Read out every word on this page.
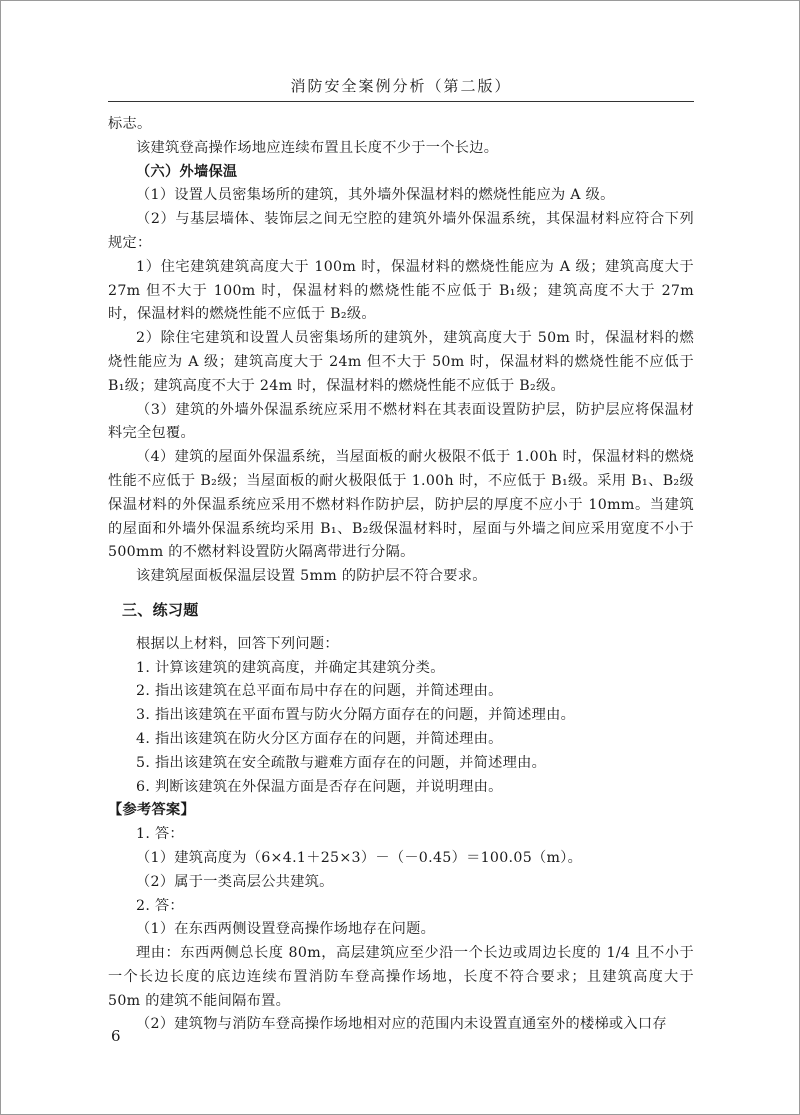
消防安全案例分析（第二版）

标志。

该建筑登高操作场地应连续布置且长度不少于一个长边。

（六）外墙保温

（1）设置人员密集场所的建筑，其外墙外保温材料的燃烧性能应为 A 级。

（2）与基层墙体、装饰层之间无空腔的建筑外墙外保温系统，其保温材料应符合下列规定：

1）住宅建筑建筑高度大于 100m 时，保温材料的燃烧性能应为 A 级；建筑高度大于 27m 但不大于 100m 时，保温材料的燃烧性能不应低于 B₁级；建筑高度不大于 27m 时，保温材料的燃烧性能不应低于 B₂级。

2）除住宅建筑和设置人员密集场所的建筑外，建筑高度大于 50m 时，保温材料的燃烧性能应为 A 级；建筑高度大于 24m 但不大于 50m 时，保温材料的燃烧性能不应低于 B₁级；建筑高度不大于 24m 时，保温材料的燃烧性能不应低于 B₂级。

（3）建筑的外墙外保温系统应采用不燃材料在其表面设置防护层，防护层应将保温材料完全包覆。

（4）建筑的屋面外保温系统，当屋面板的耐火极限不低于 1.00h 时，保温材料的燃烧性能不应低于 B₂级；当屋面板的耐火极限低于 1.00h 时，不应低于 B₁级。采用 B₁、B₂级保温材料的外保温系统应采用不燃材料作防护层，防护层的厚度不应小于 10mm。当建筑的屋面和外墙外保温系统均采用 B₁、B₂级保温材料时，屋面与外墙之间应采用宽度不小于 500mm 的不燃材料设置防火隔离带进行分隔。

该建筑屋面板保温层设置 5mm 的防护层不符合要求。

三、练习题

根据以上材料，回答下列问题：

1. 计算该建筑的建筑高度，并确定其建筑分类。

2. 指出该建筑在总平面布局中存在的问题，并简述理由。

3. 指出该建筑在平面布置与防火分隔方面存在的问题，并简述理由。

4. 指出该建筑在防火分区方面存在的问题，并简述理由。

5. 指出该建筑在安全疏散与避难方面存在的问题，并简述理由。

6. 判断该建筑在外保温方面是否存在问题，并说明理由。

【参考答案】

1. 答：

（1）建筑高度为（6×4.1＋25×3）－（－0.45）＝100.05（m）。

（2）属于一类高层公共建筑。

2. 答：

（1）在东西两侧设置登高操作场地存在问题。

理由：东西两侧总长度 80m，高层建筑应至少沿一个长边或周边长度的 1/4 且不小于一个长边长度的底边连续布置消防车登高操作场地，长度不符合要求；且建筑高度大于 50m 的建筑不能间隔布置。

（2）建筑物与消防车登高操作场地相对应的范围内未设置直通室外的楼梯或入口存

6
